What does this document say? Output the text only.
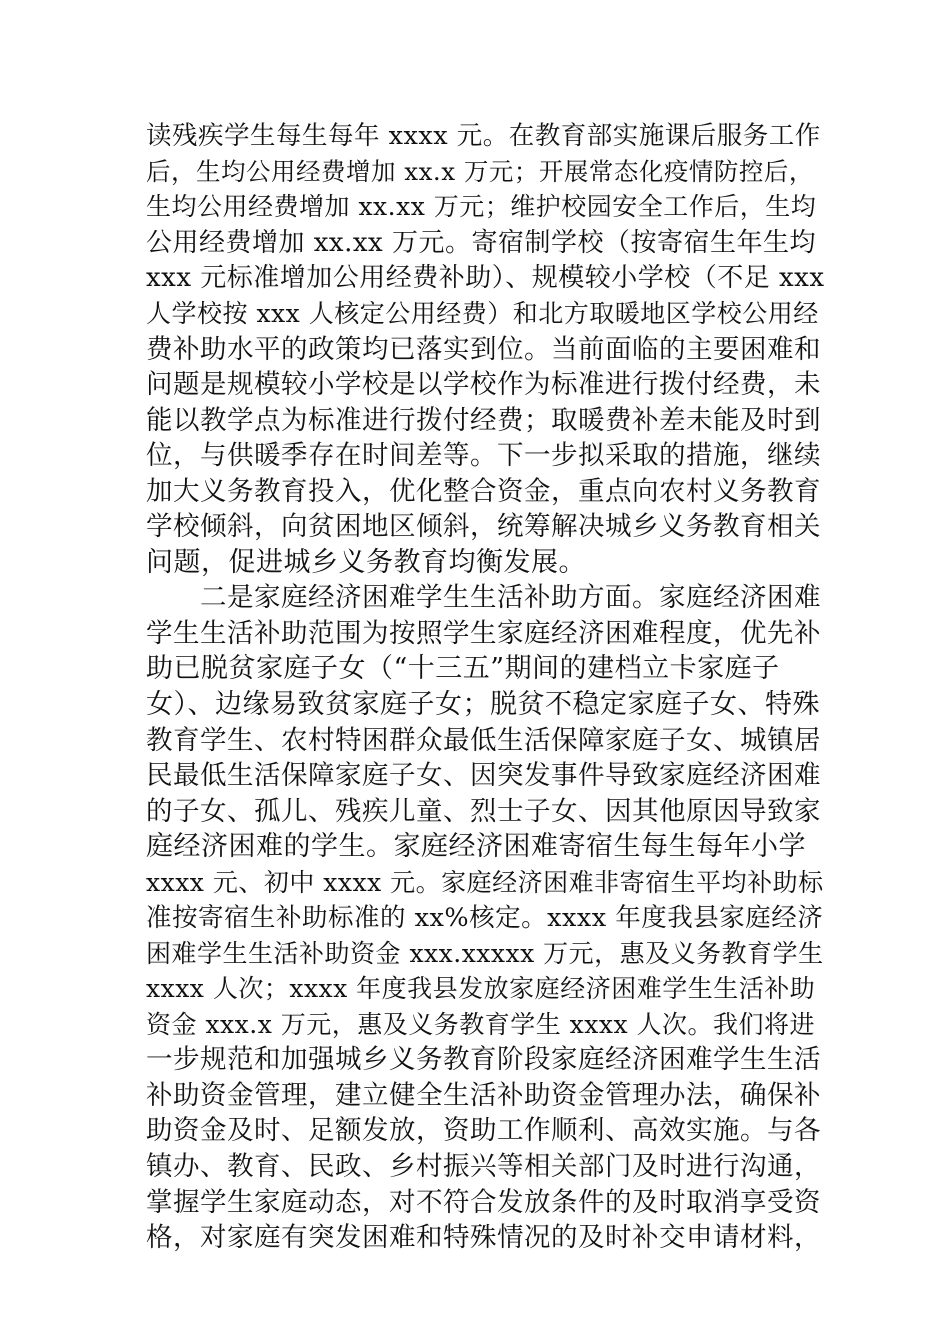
读残疾学生每生每年 xxxx 元。在教育部实施课后服务工作
后，生均公用经费增加 xx.x 万元；开展常态化疫情防控后，
生均公用经费增加 xx.xx 万元；维护校园安全工作后，生均
公用经费增加 xx.xx 万元。寄宿制学校（按寄宿生年生均
xxx 元标准增加公用经费补助）、规模较小学校（不足 xxx
人学校按 xxx 人核定公用经费）和北方取暖地区学校公用经
费补助水平的政策均已落实到位。当前面临的主要困难和
问题是规模较小学校是以学校作为标准进行拨付经费，未
能以教学点为标准进行拨付经费；取暖费补差未能及时到
位，与供暖季存在时间差等。下一步拟采取的措施，继续
加大义务教育投入，优化整合资金，重点向农村义务教育
学校倾斜，向贫困地区倾斜，统筹解决城乡义务教育相关
问题，促进城乡义务教育均衡发展。
二是家庭经济困难学生生活补助方面。家庭经济困难
学生生活补助范围为按照学生家庭经济困难程度，优先补
助已脱贫家庭子女（“十三五”期间的建档立卡家庭子
女）、边缘易致贫家庭子女；脱贫不稳定家庭子女、特殊
教育学生、农村特困群众最低生活保障家庭子女、城镇居
民最低生活保障家庭子女、因突发事件导致家庭经济困难
的子女、孤儿、残疾儿童、烈士子女、因其他原因导致家
庭经济困难的学生。家庭经济困难寄宿生每生每年小学
xxxx 元、初中 xxxx 元。家庭经济困难非寄宿生平均补助标
准按寄宿生补助标准的 xx%核定。xxxx 年度我县家庭经济
困难学生生活补助资金 xxx.xxxxx 万元，惠及义务教育学生
xxxx 人次；xxxx 年度我县发放家庭经济困难学生生活补助
资金 xxx.x 万元，惠及义务教育学生 xxxx 人次。我们将进
一步规范和加强城乡义务教育阶段家庭经济困难学生生活
补助资金管理，建立健全生活补助资金管理办法，确保补
助资金及时、足额发放，资助工作顺利、高效实施。与各
镇办、教育、民政、乡村振兴等相关部门及时进行沟通，
掌握学生家庭动态，对不符合发放条件的及时取消享受资
格，对家庭有突发困难和特殊情况的及时补交申请材料，
